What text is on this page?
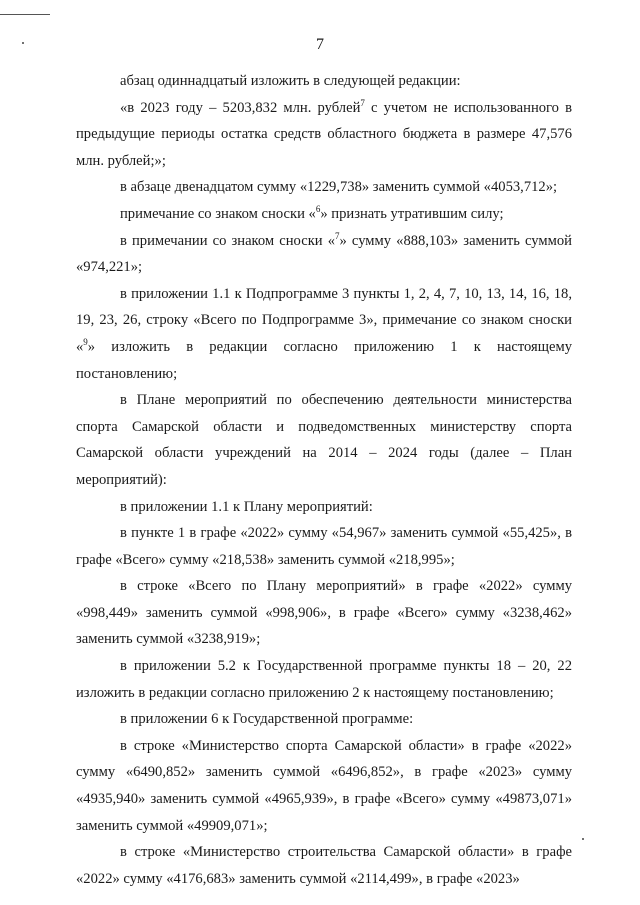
7

абзац одиннадцатый изложить в следующей редакции:

«в 2023 году – 5203,832 млн. рублей$^7$ с учетом не использованного в предыдущие периоды остатка средств областного бюджета в размере 47,576 млн. рублей;»;

в абзаце двенадцатом сумму «1229,738» заменить суммой «4053,712»;

примечание со знаком сноски «$^6$» признать утратившим силу;

в примечании со знаком сноски «$^7$» сумму «888,103» заменить суммой «974,221»;

в приложении 1.1 к Подпрограмме 3 пункты 1, 2, 4, 7, 10, 13, 14, 16, 18, 19, 23, 26, строку «Всего по Подпрограмме 3», примечание со знаком сноски «$^9$» изложить в редакции согласно приложению 1 к настоящему постановлению;

в Плане мероприятий по обеспечению деятельности министерства спорта Самарской области и подведомственных министерству спорта Самарской области учреждений на 2014 – 2024 годы (далее – План мероприятий):

в приложении 1.1 к Плану мероприятий:

в пункте 1 в графе «2022» сумму «54,967» заменить суммой «55,425», в графе «Всего» сумму «218,538» заменить суммой «218,995»;

в строке «Всего по Плану мероприятий» в графе «2022» сумму «998,449» заменить суммой «998,906», в графе «Всего» сумму «3238,462» заменить суммой «3238,919»;

в приложении 5.2 к Государственной программе пункты 18 – 20, 22 изложить в редакции согласно приложению 2 к настоящему постановлению;

в приложении 6 к Государственной программе:

в строке «Министерство спорта Самарской области» в графе «2022» сумму «6490,852» заменить суммой «6496,852», в графе «2023» сумму «4935,940» заменить суммой «4965,939», в графе «Всего» сумму «49873,071» заменить суммой «49909,071»;

в строке «Министерство строительства Самарской области» в графе «2022» сумму «4176,683» заменить суммой «2114,499», в графе «2023»
